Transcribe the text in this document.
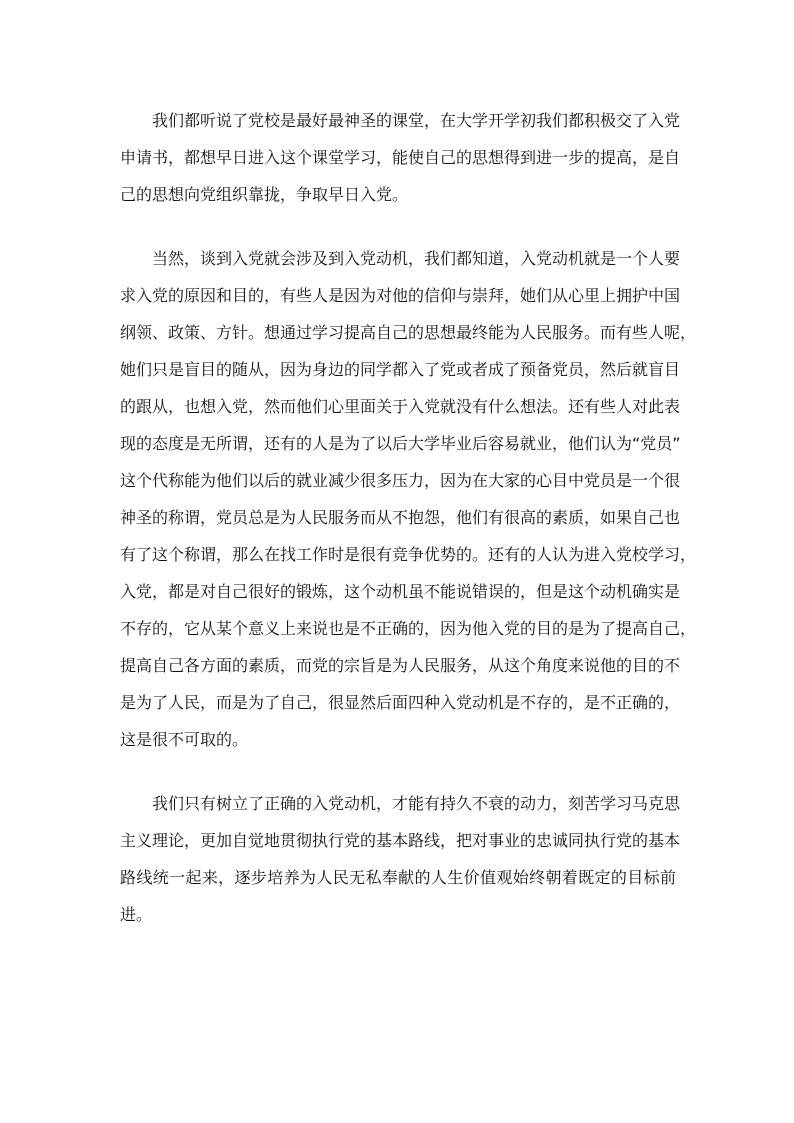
我们都听说了党校是最好最神圣的课堂，在大学开学初我们都积极交了入党
申请书，都想早日进入这个课堂学习，能使自己的思想得到进一步的提高，是自
己的思想向党组织靠拢，争取早日入党。

当然，谈到入党就会涉及到入党动机，我们都知道，入党动机就是一个人要
求入党的原因和目的，有些人是因为对他的信仰与崇拜，她们从心里上拥护中国
纲领、政策、方针。想通过学习提高自己的思想最终能为人民服务。而有些人呢，
她们只是盲目的随从，因为身边的同学都入了党或者成了预备党员，然后就盲目
的跟从，也想入党，然而他们心里面关于入党就没有什么想法。还有些人对此表
现的态度是无所谓，还有的人是为了以后大学毕业后容易就业，他们认为“党员”
这个代称能为他们以后的就业减少很多压力，因为在大家的心目中党员是一个很
神圣的称谓，党员总是为人民服务而从不抱怨，他们有很高的素质，如果自己也
有了这个称谓，那么在找工作时是很有竞争优势的。还有的人认为进入党校学习，
入党，都是对自己很好的锻炼，这个动机虽不能说错误的，但是这个动机确实是
不存的，它从某个意义上来说也是不正确的，因为他入党的目的是为了提高自己，
提高自己各方面的素质，而党的宗旨是为人民服务，从这个角度来说他的目的不
是为了人民，而是为了自己，很显然后面四种入党动机是不存的，是不正确的，
这是很不可取的。

我们只有树立了正确的入党动机，才能有持久不衰的动力，刻苦学习马克思
主义理论，更加自觉地贯彻执行党的基本路线，把对事业的忠诚同执行党的基本
路线统一起来，逐步培养为人民无私奉献的人生价值观始终朝着既定的目标前
进。
